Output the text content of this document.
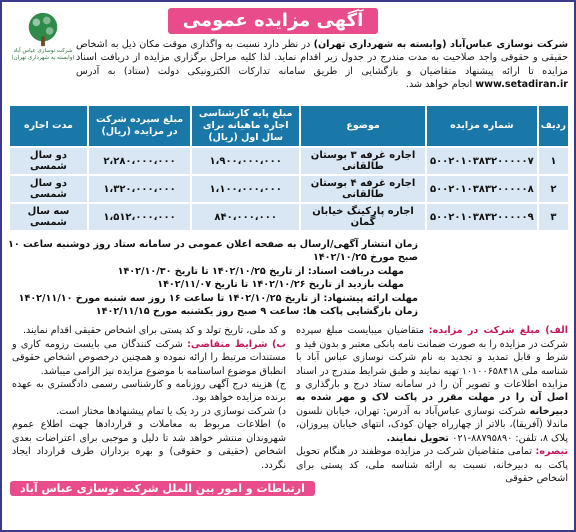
آگهی مزایده عمومی
شرکت نوسازی عباس آباد (وابسته به شهرداری تهران)
شرکت نوسازی عباس‌آباد (وابسته به شهرداری تهران) در نظر دارد نسبت به واگذاری موقت مکان ذیل به اشخاص حقیقی و حقوقی واجد صلاحیت به مدت مندرج در جدول زیر اقدام نماید. لذا کلیه مراحل برگزاری مزایده از دریافت اسناد مزایده تا ارائه پیشنهاد متقاضیان و بازگشایی از طریق سامانه تدارکات الکترونیکی دولت (ستاد) به آدرس www.setadiran.ir انجام خواهد شد.
ردیف	شماره مزایده	موضوع	مبلغ پایه کارشناسی اجاره ماهیانه برای سال اول (ریال)	مبلغ سپرده شرکت در مزایده (ریال)	مدت اجاره
۱	۵۰۰۲۰۱۰۳۸۳۲۰۰۰۰۰۷	اجاره غرفه ۳ بوستان طالقانی	۱،۹۰۰،۰۰۰،۰۰۰	۲،۲۸۰،۰۰۰،۰۰۰	دو سال شمسی
۲	۵۰۰۲۰۱۰۳۸۳۲۰۰۰۰۰۸	اجاره غرفه ۴ بوستان طالقانی	۱،۱۰۰،۰۰۰،۰۰۰	۱،۳۲۰،۰۰۰،۰۰۰	دو سال شمسی
۳	۵۰۰۲۰۱۰۳۸۳۲۰۰۰۰۰۹	اجاره پارکینگ خیابان گمان	۸۴۰،۰۰۰،۰۰۰	۱،۵۱۲،۰۰۰،۰۰۰	سه سال شمسی
زمان انتشار آگهی/ارسال به صفحه اعلان عمومی در سامانه ستاد روز دوشنبه ساعت ۱۰ صبح مورخ ۱۴۰۲/۱۰/۲۵
مهلت دریافت اسناد: از تاریخ ۱۴۰۲/۱۰/۲۵ تا تاریخ ۱۴۰۲/۱۰/۳۰
مهلت بازدید از تاریخ ۱۴۰۲/۱۰/۲۶ تا تاریخ ۱۴۰۲/۱۱/۰۷
مهلت ارائه پیشنهاد: از تاریخ ۱۴۰۲/۱۰/۲۵ تا ساعت ۱۶ روز سه شنبه مورخ ۱۴۰۲/۱۱/۱۰
زمان بازگشایی پاکت ها: ساعت ۹ صبح روز یکشنبه مورخ ۱۴۰۲/۱۱/۱۵
الف) مبلغ شرکت در مزایده: متقاضیان میبایست مبلغ سپرده شرکت در مزایده را به صورت ضمانت نامه بانکی معتبر و بدون قید و شرط و قابل تمدید و تجدید به نام شرکت نوسازی عباس آباد با شناسه ملی ۱۰۱۰۰۶۵۸۴۱۸ تهیه نمایند و طبق شرایط مندرج در اسناد مزایده اطلاعات و تصویر آن را در سامانه ستاد درج و بارگذاری و اصل آن را در مهلت مقرر در پاکت لاک و مهر شده به دبیرخانه شرکت نوسازی عباس‌آباد به آدرس: تهران، خیابان نلسون ماندلا (آفریقا)، بالاتر از چهارراه جهان کودک، انتهای خیابان پیروزان، پلاک ۸، تلفن: ۸۸۷۹۵۸۹۰-۰۲۱ تحویل نمایند.
تبصره: تمامی متقاضیان شرکت در مزایده موظفند در هنگام تحویل پاکت به دبیرخانه، نسبت به ارائه شناسه ملی، کد پستی برای اشخاص حقوقی
و کد ملی، تاریخ تولد و کد پستی برای اشخاص حقیقی اقدام نمایند.
ب) شرایط متقاضی: شرکت کنندگان می بایست رزومه کاری و مستندات مرتبط را ارائه نموده و همچنین درخصوص اشخاص حقوقی انطباق موضوع اساسنامه با موضوع مزایده نیز الزامی میباشد.
ج) هزینه درج آگهی روزنامه و کارشناسی رسمی دادگستری به عهده برنده مزایده خواهد بود.
د) شرکت نوسازی در رد یک یا تمام پیشنهادها مختار است.
ه) اطلاعات مربوط به معاملات و قراردادها جهت اطلاع عموم شهروندان منتشر خواهد شد تا دلیل و موجبی برای اعتراضات بعدی اشخاص (حقیقی و حقوقی) و بهره برداران طرف قرارداد ایجاد نگردد.
ارتباطات و امور بین الملل شرکت نوسازی عباس آباد
